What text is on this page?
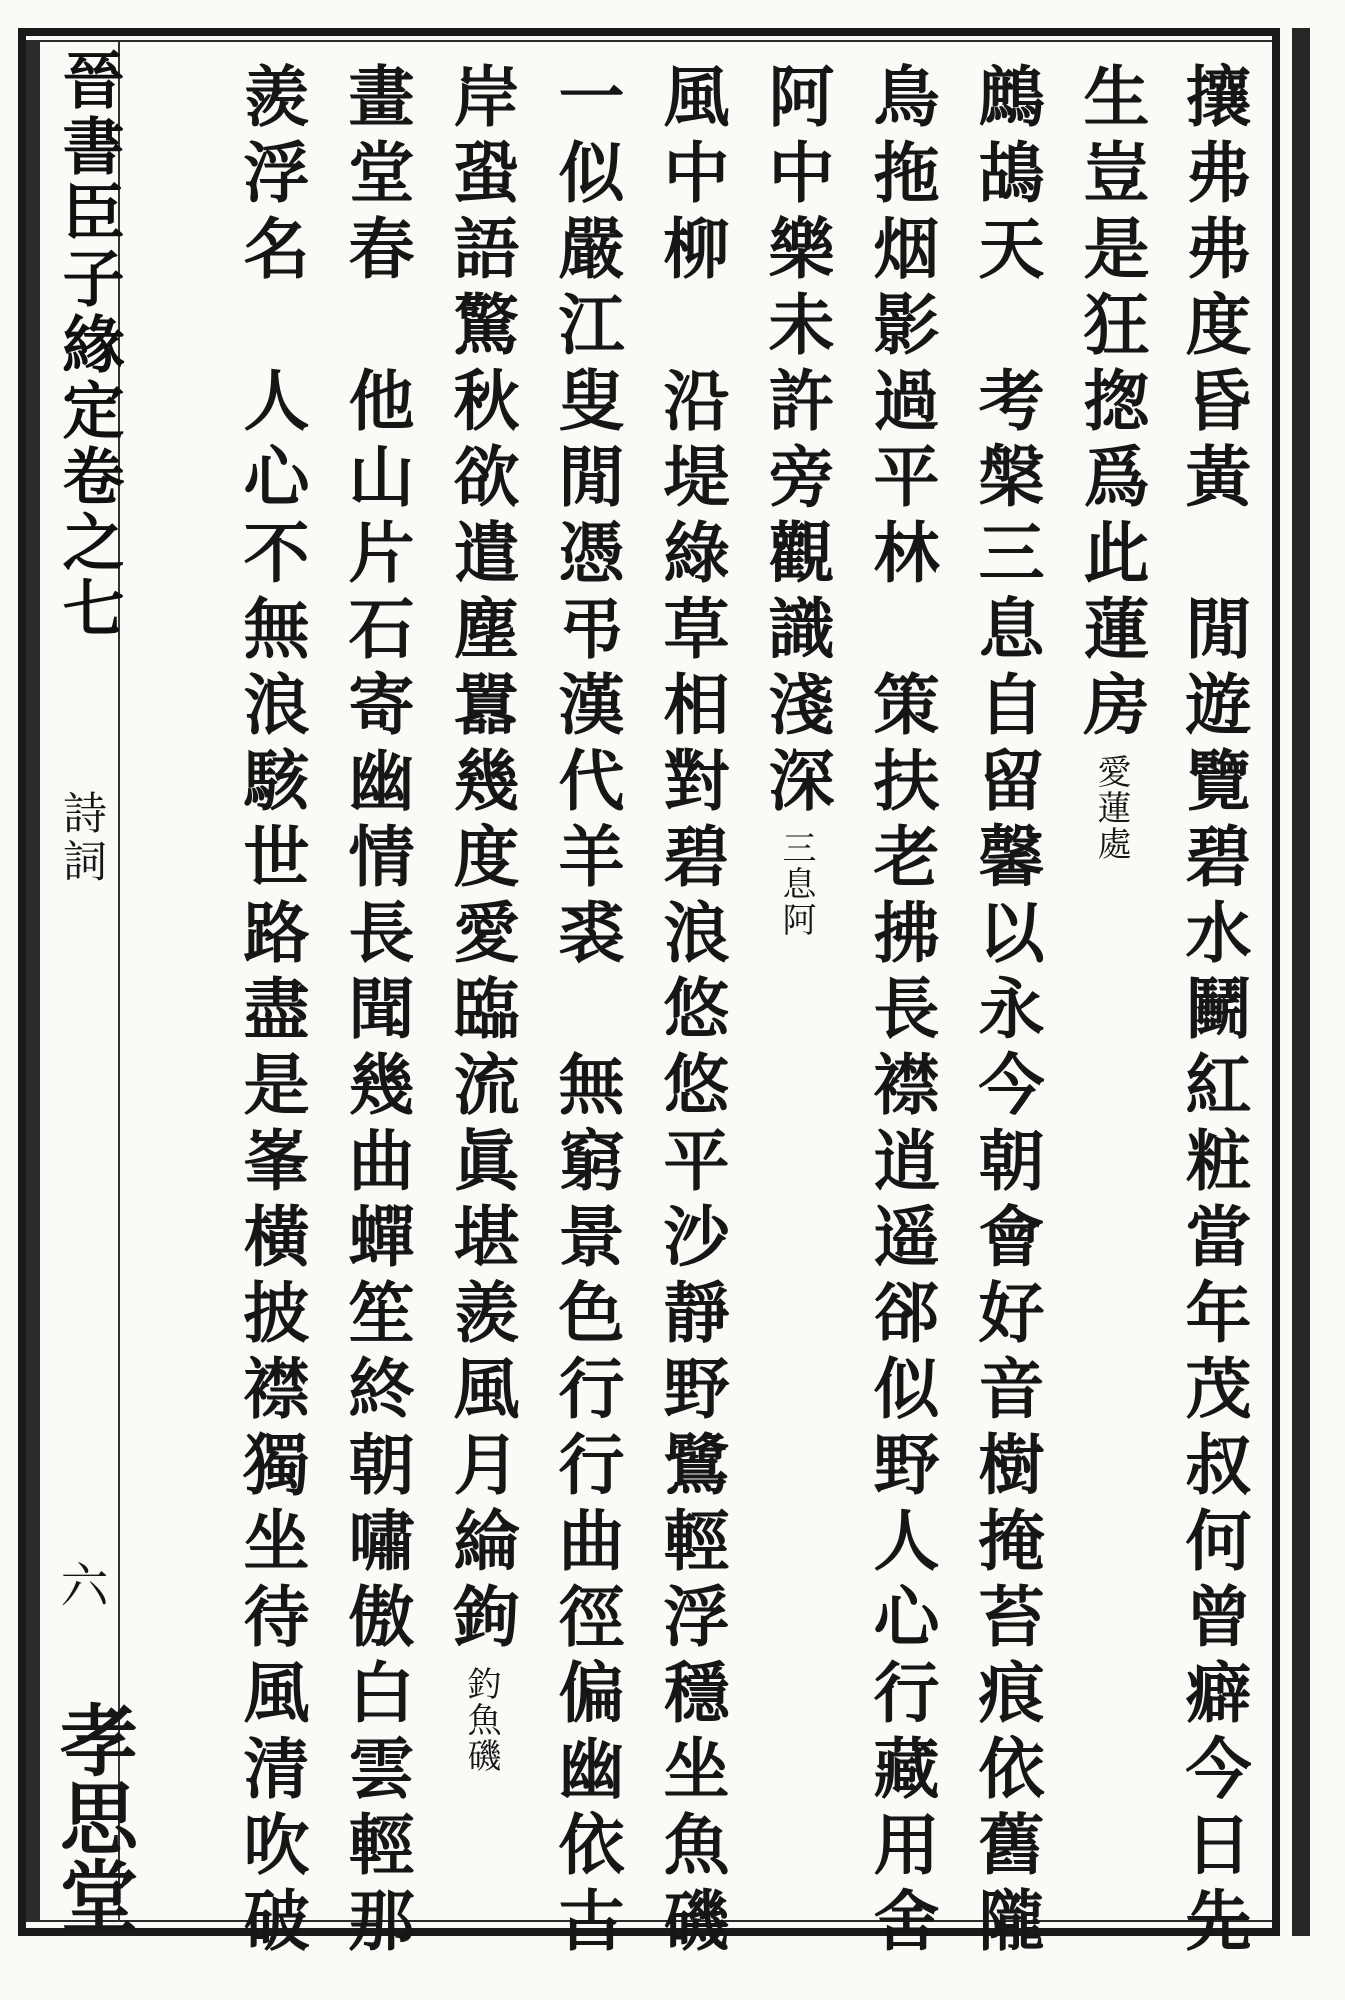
晉書臣子緣定卷之七
詩詞
六
孝思堂	攘弗弗度昏黃　閒遊覽碧水鬭紅粧當年茂叔何曾癖今日先
生豈是狂揔爲此蓮房愛蓮處
鷓鴣天　考槃三息自留馨以永今朝會好音樹掩苔痕依舊隴
鳥拖烟影過平林　策扶老拂長襟逍遥郤似野人心行藏用舍
阿中樂未許旁觀識淺深三息阿
風中柳　沿堤綠草相對碧浪悠悠平沙靜野鷺輕浮穩坐魚磯
一似嚴江叟閒憑弔漢代羊裘　無窮景色行行曲徑偏幽依古
岸蛩語驚秋欲遣塵囂幾度愛臨流眞堪羨風月綸鉤釣魚磯
畫堂春　他山片石寄幽情長聞幾曲蟬笙終朝嘯傲白雲輕那
羨浮名　人心不無浪駭世路盡是峯橫披襟獨坐待風清吹破
